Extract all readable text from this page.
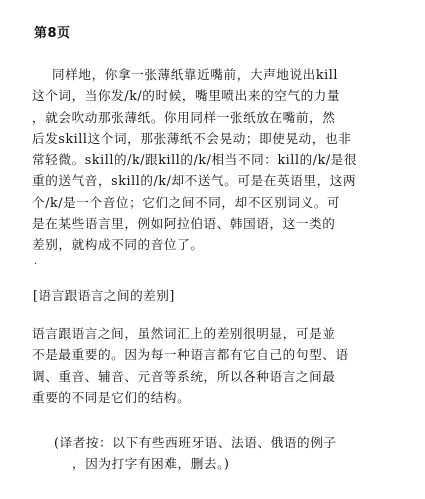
第8页

同样地，你拿一张薄纸靠近嘴前，大声地说出kill
这个词，当你发/k/的时候，嘴里喷出来的空气的力量
，就会吹动那张薄纸。你用同样一张纸放在嘴前，然
后发skill这个词，那张薄纸不会晃动；即使晃动，也非
常轻微。skill的/k/跟kill的/k/相当不同：kill的/k/是很
重的送气音，skill的/k/却不送气。可是在英语里，这两
个/k/是一个音位；它们之间不同，却不区别词义。可
是在某些语言里，例如阿拉伯语、韩国语，这一类的
差别，就构成不同的音位了。

.
[语言跟语言之间的差别]

语言跟语言之间，虽然词汇上的差别很明显，可是並
不是最重要的。因为每一种语言都有它自己的句型、语
调、重音、辅音、元音等系统，所以各种语言之间最
重要的不同是它们的结构。

(译者按：以下有些西班牙语、法语、俄语的例子
，因为打字有困难，删去。)
